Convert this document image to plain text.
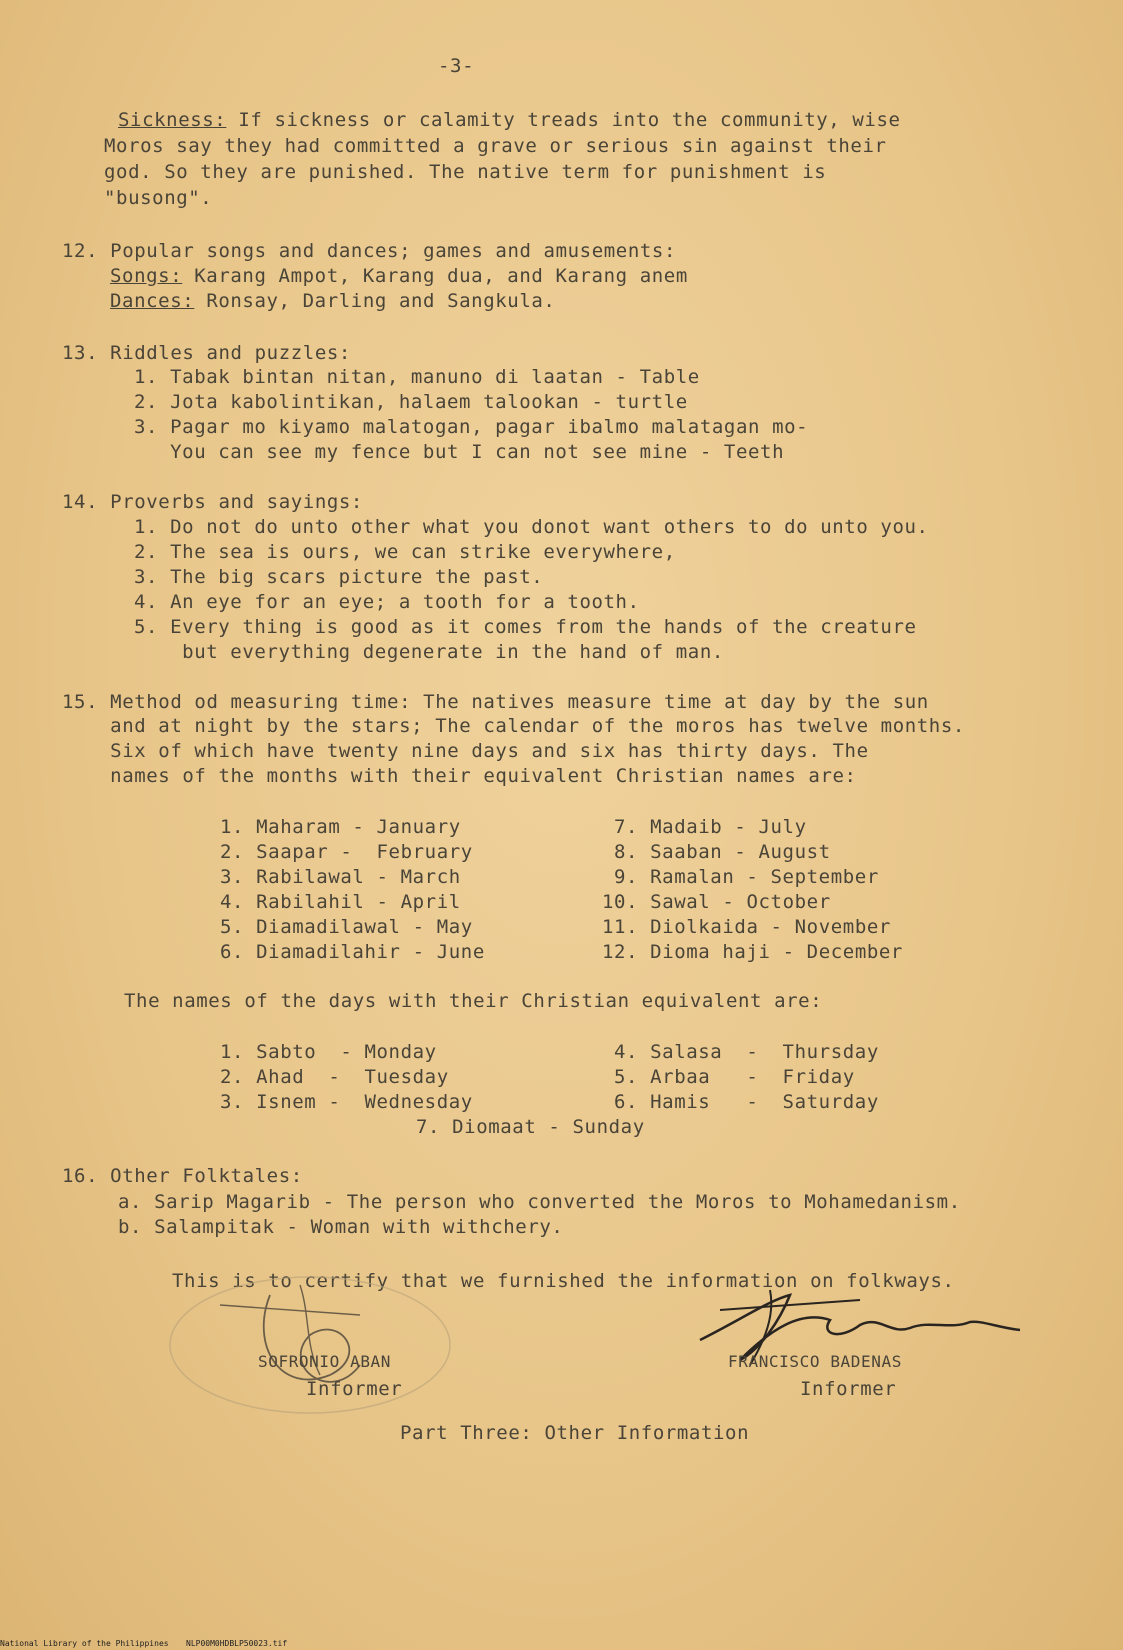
-3-
Sickness: If sickness or calamity treads into the community, wise
Moros say they had committed a grave or serious sin against their
god. So they are punished. The native term for punishment is
"busong".
12. Popular songs and dances; games and amusements:
Songs: Karang Ampot, Karang dua, and Karang anem
Dances: Ronsay, Darling and Sangkula.
13. Riddles and puzzles:
1. Tabak bintan nitan, manuno di laatan - Table
2. Jota kabolintikan, halaem talookan - turtle
3. Pagar mo kiyamo malatogan, pagar ibalmo malatagan mo-
You can see my fence but I can not see mine - Teeth
14. Proverbs and sayings:
1. Do not do unto other what you donot want others to do unto you.
2. The sea is ours, we can strike everywhere,
3. The big scars picture the past.
4. An eye for an eye; a tooth for a tooth.
5. Every thing is good as it comes from the hands of the creature
but everything degenerate in the hand of man.
15. Method od measuring time: The natives measure time at day by the sun
and at night by the stars; The calendar of the moros has twelve months.
Six of which have twenty nine days and six has thirty days. The
names of the months with their equivalent Christian names are:
1. Maharam - January
2. Saapar -  February
3. Rabilawal - March
4. Rabilahil - April
5. Diamadilawal - May
6. Diamadilahir - June
7. Madaib - July
8. Saaban - August
9. Ramalan - September
10. Sawal - October
11. Diolkaida - November
12. Dioma haji - December
The names of the days with their Christian equivalent are:
1. Sabto  - Monday
2. Ahad  -  Tuesday
3. Isnem -  Wednesday
4. Salasa  -  Thursday
5. Arbaa   -  Friday
6. Hamis   -  Saturday
7. Diomaat - Sunday
16. Other Folktales:
a. Sarip Magarib - The person who converted the Moros to Mohamedanism.
b. Salampitak - Woman with withchery.
This is to certify that we furnished the information on folkways.
SOFRONIO ABAN
Informer
FRANCISCO BADENAS
Informer
Part Three: Other Information
National Library of the Philippines NLP00M0HDBLP50023.tif
